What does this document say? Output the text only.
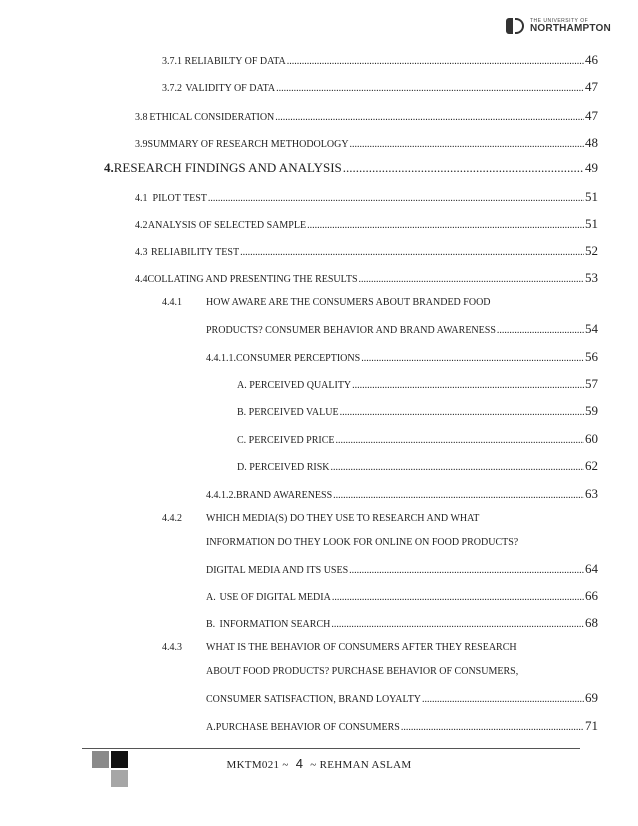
THE UNIVERSITY OF
NORTHAMPTON
3.7.1 RELIABILTY OF DATA .....	46
3.7.2 VALIDITY OF DATA .....	47
3.8 ETHICAL CONSIDERATION .....	47
3.9 SUMMARY OF RESEARCH METHODOLOGY .....	48
4. RESEARCH FINDINGS AND ANALYSIS .....	49
4.1 PILOT TEST .....	51
4.2 ANALYSIS OF SELECTED SAMPLE .....	51
4.3 RELIABILITY TEST .....	52
4.4 COLLATING AND PRESENTING THE RESULTS .....	53
4.4.1 HOW AWARE ARE THE CONSUMERS ABOUT BRANDED FOOD
PRODUCTS? CONSUMER BEHAVIOR AND BRAND AWARENESS .....	54
4.4.1.1. CONSUMER PERCEPTIONS .....	56
A. PERCEIVED QUALITY .....	57
B. PERCEIVED VALUE .....	59
C. PERCEIVED PRICE .....	60
D. PERCEIVED RISK .....	62
4.4.1.2. BRAND AWARENESS .....	63
4.4.2 WHICH MEDIA(S) DO THEY USE TO RESEARCH AND WHAT
INFORMATION DO THEY LOOK FOR ONLINE ON FOOD PRODUCTS?
DIGITAL MEDIA AND ITS USES .....	64
A. USE OF DIGITAL MEDIA .....	66
B. INFORMATION SEARCH .....	68
4.4.3 WHAT IS THE BEHAVIOR OF CONSUMERS AFTER THEY RESEARCH
ABOUT FOOD PRODUCTS? PURCHASE BEHAVIOR OF CONSUMERS,
CONSUMER SATISFACTION, BRAND LOYALTY .....	69
A. PURCHASE BEHAVIOR OF CONSUMERS .....	71
MKTM021 ~ 4 ~ REHMAN ASLAM
